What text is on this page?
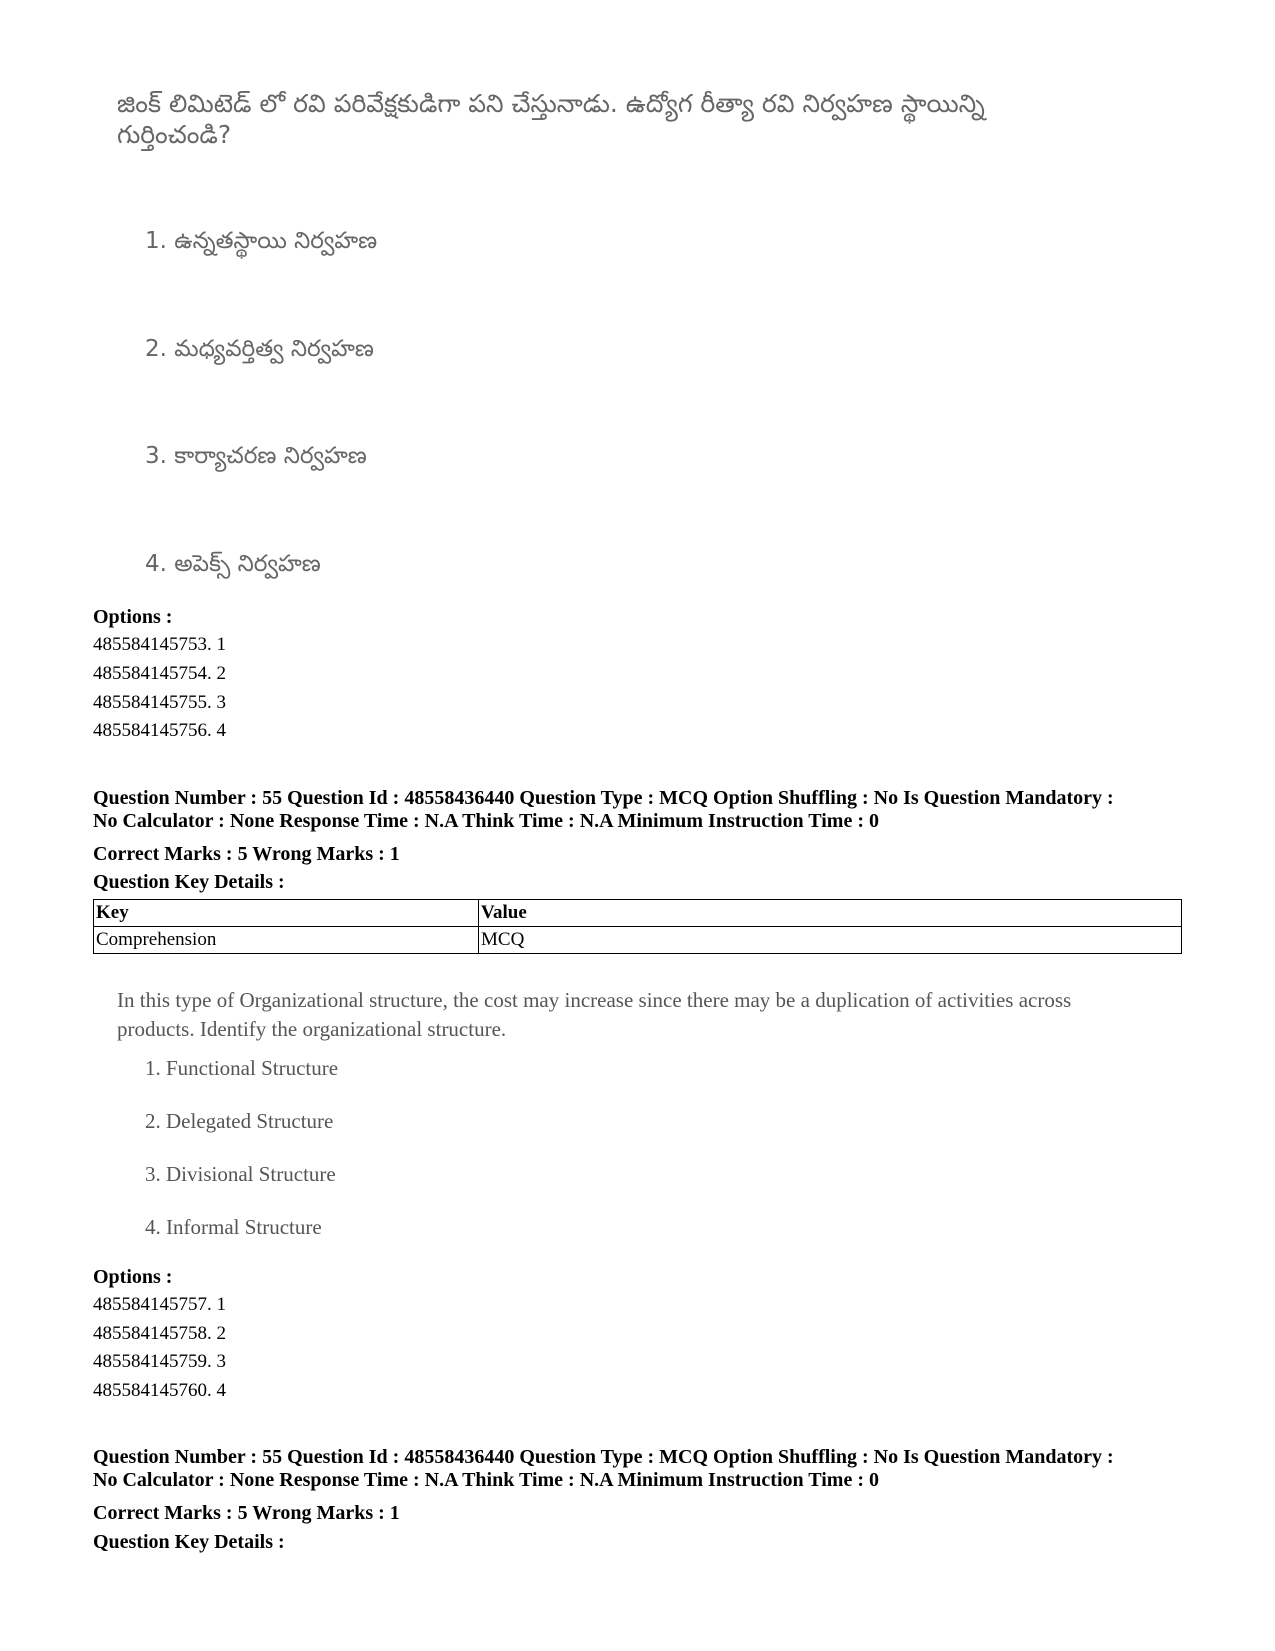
జింక్ లిమిటెడ్ లో రవి పరివేక్షకుడిగా పని చేస్తునాడు. ఉద్యోగ రీత్యా రవి నిర్వహణ స్థాయిన్ని గుర్తించండి?
1. ఉన్నతస్థాయి నిర్వహణ
2. మధ్యవర్తిత్వ నిర్వహణ
3. కార్యాచరణ నిర్వహణ
4. అపెక్స్ నిర్వహణ
Options :
485584145753. 1
485584145754. 2
485584145755. 3
485584145756. 4
Question Number : 55 Question Id : 48558436440 Question Type : MCQ Option Shuffling : No Is Question Mandatory :
No Calculator : None Response Time : N.A Think Time : N.A Minimum Instruction Time : 0
Correct Marks : 5 Wrong Marks : 1
Question Key Details :
Key	Value
Comprehension	MCQ
In this type of Organizational structure, the cost may increase since there may be a duplication of activities across products. Identify the organizational structure.
1. Functional Structure
2. Delegated Structure
3. Divisional Structure
4. Informal Structure
Options :
485584145757. 1
485584145758. 2
485584145759. 3
485584145760. 4
Question Number : 55 Question Id : 48558436440 Question Type : MCQ Option Shuffling : No Is Question Mandatory :
No Calculator : None Response Time : N.A Think Time : N.A Minimum Instruction Time : 0
Correct Marks : 5 Wrong Marks : 1
Question Key Details :
